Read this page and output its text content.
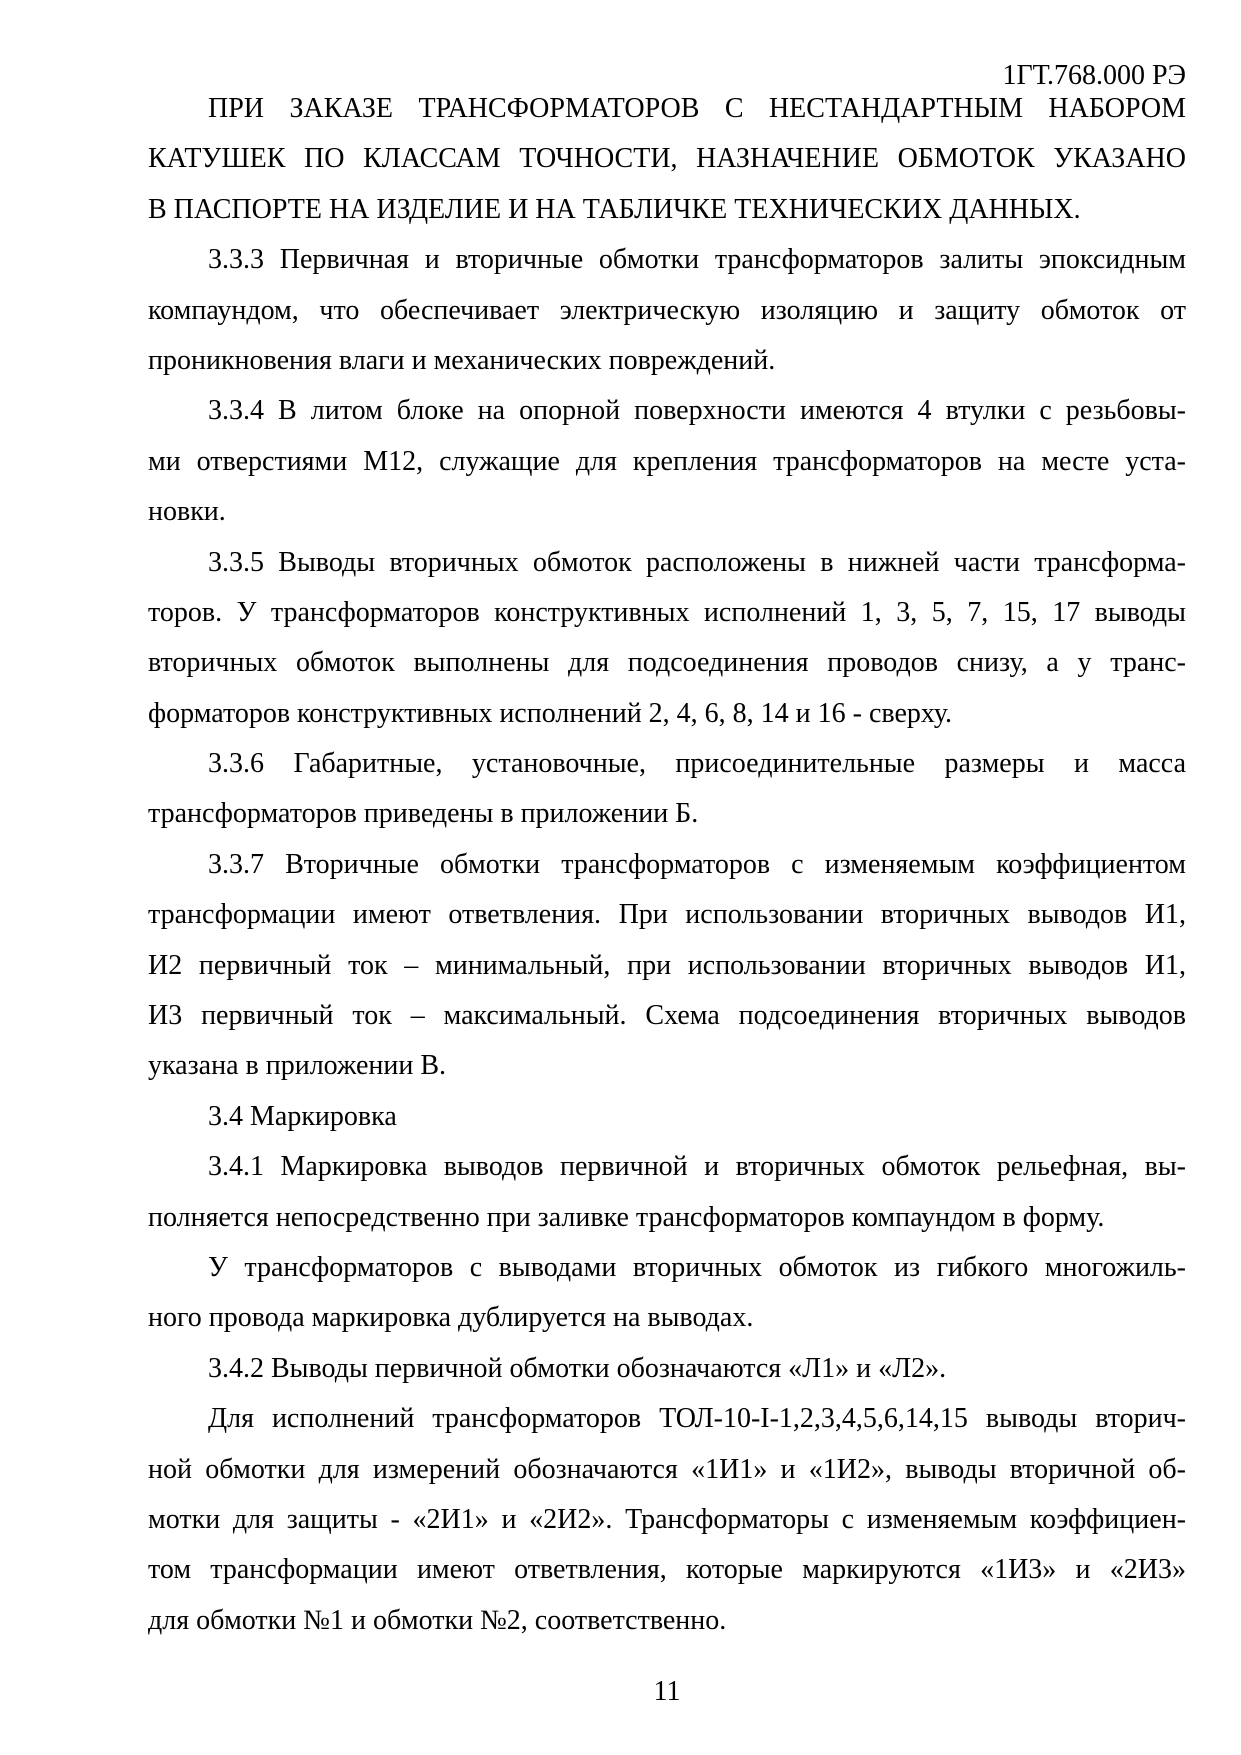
1ГТ.768.000 РЭ
ПРИ ЗАКАЗЕ ТРАНСФОРМАТОРОВ С НЕСТАНДАРТНЫМ НАБОРОМ
КАТУШЕК ПО КЛАССАМ ТОЧНОСТИ, НАЗНАЧЕНИЕ ОБМОТОК УКАЗАНО
В ПАСПОРТЕ НА ИЗДЕЛИЕ И НА ТАБЛИЧКЕ ТЕХНИЧЕСКИХ ДАННЫХ.
3.3.3 Первичная и вторичные обмотки трансформаторов залиты эпоксидным
компаундом, что обеспечивает электрическую изоляцию и защиту обмоток от
проникновения влаги и механических повреждений.
3.3.4 В литом блоке на опорной поверхности имеются 4 втулки с резьбовы-
ми отверстиями М12, служащие для крепления трансформаторов на месте уста-
новки.
3.3.5 Выводы вторичных обмоток расположены в нижней части трансформа-
торов. У трансформаторов конструктивных исполнений 1, 3, 5, 7, 15, 17 выводы
вторичных обмоток выполнены для подсоединения проводов снизу, а у транс-
форматоров конструктивных исполнений 2, 4, 6, 8, 14 и 16 - сверху.
3.3.6 Габаритные, установочные, присоединительные размеры и масса
трансформаторов приведены в приложении Б.
3.3.7 Вторичные обмотки трансформаторов с изменяемым коэффициентом
трансформации имеют ответвления. При использовании вторичных выводов И1,
И2 первичный ток – минимальный, при использовании вторичных выводов И1,
И3 первичный ток – максимальный. Схема подсоединения вторичных выводов
указана в приложении В.
3.4 Маркировка
3.4.1 Маркировка выводов первичной и вторичных обмоток рельефная, вы-
полняется непосредственно при заливке трансформаторов компаундом в форму.
У трансформаторов с выводами вторичных обмоток из гибкого многожиль-
ного провода маркировка дублируется на выводах.
3.4.2 Выводы первичной обмотки обозначаются «Л1» и «Л2».
Для исполнений трансформаторов ТОЛ-10-I-1,2,3,4,5,6,14,15 выводы вторич-
ной обмотки для измерений обозначаются «1И1» и «1И2», выводы вторичной об-
мотки для защиты - «2И1» и «2И2». Трансформаторы с изменяемым коэффициен-
том трансформации имеют ответвления, которые маркируются «1И3» и «2И3»
для обмотки №1 и обмотки №2, соответственно.
11
